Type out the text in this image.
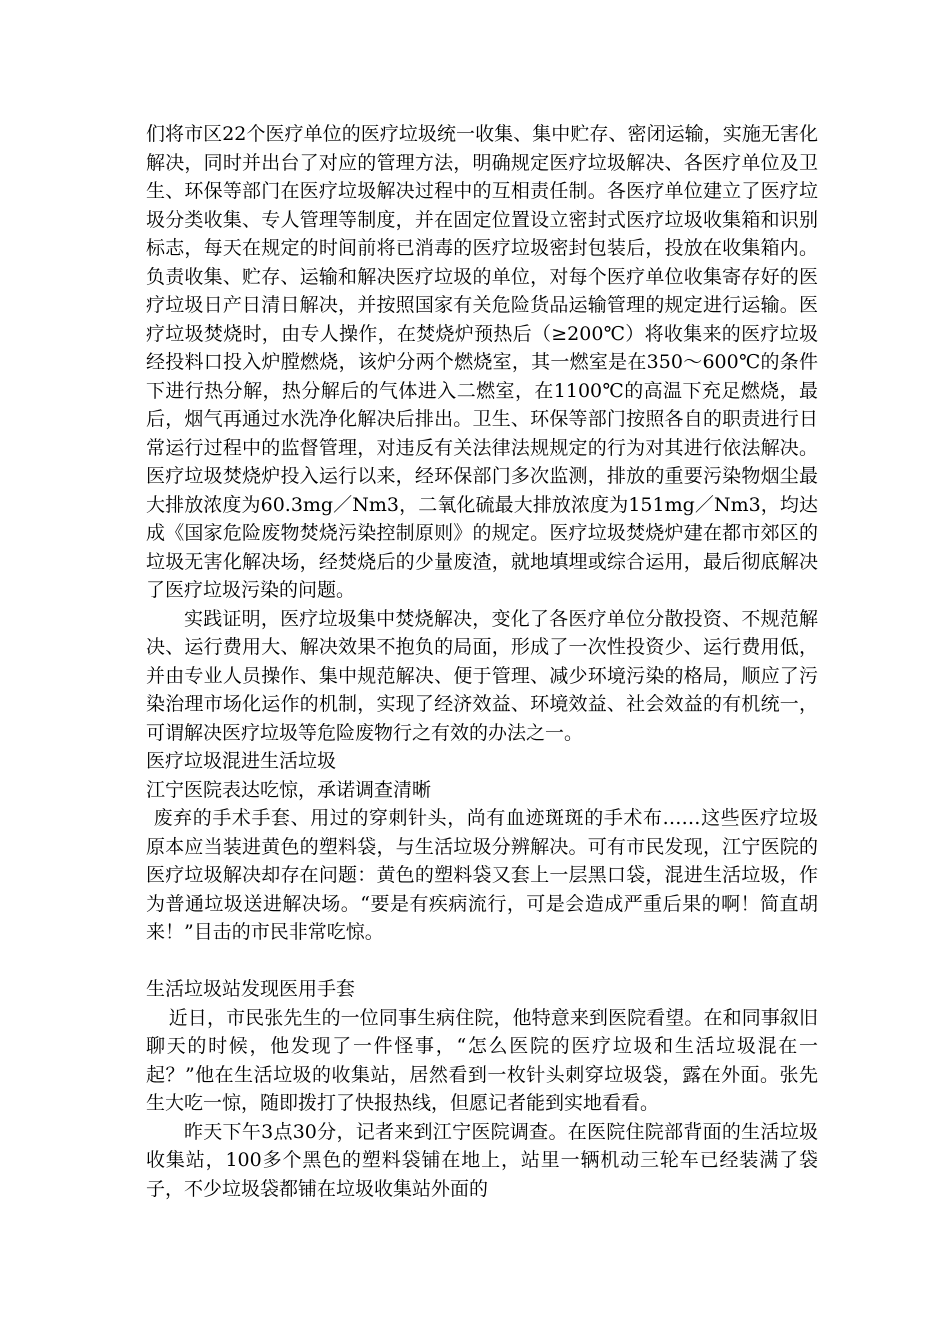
们将市区22个医疗单位的医疗垃圾统一收集、集中贮存、密闭运输，实施无害化解决，同时并出台了对应的管理方法，明确规定医疗垃圾解决、各医疗单位及卫生、环保等部门在医疗垃圾解决过程中的互相责任制。各医疗单位建立了医疗垃圾分类收集、专人管理等制度，并在固定位置设立密封式医疗垃圾收集箱和识别标志，每天在规定的时间前将已消毒的医疗垃圾密封包装后，投放在收集箱内。负责收集、贮存、运输和解决医疗垃圾的单位，对每个医疗单位收集寄存好的医疗垃圾日产日清日解决，并按照国家有关危险货品运输管理的规定进行运输。医疗垃圾焚烧时，由专人操作，在焚烧炉预热后（≥200℃）将收集来的医疗垃圾经投料口投入炉膛燃烧，该炉分两个燃烧室，其一燃室是在350～600℃的条件下进行热分解，热分解后的气体进入二燃室，在1100℃的高温下充足燃烧，最后，烟气再通过水洗净化解决后排出。卫生、环保等部门按照各自的职责进行日常运行过程中的监督管理，对违反有关法律法规规定的行为对其进行依法解决。医疗垃圾焚烧炉投入运行以来，经环保部门多次监测，排放的重要污染物烟尘最大排放浓度为60.3mg／Nm3，二氧化硫最大排放浓度为151mg／Nm3，均达成《国家危险废物焚烧污染控制原则》的规定。医疗垃圾焚烧炉建在都市郊区的垃圾无害化解决场，经焚烧后的少量废渣，就地填埋或综合运用，最后彻底解决了医疗垃圾污染的问题。

实践证明，医疗垃圾集中焚烧解决，变化了各医疗单位分散投资、不规范解决、运行费用大、解决效果不抱负的局面，形成了一次性投资少、运行费用低，并由专业人员操作、集中规范解决、便于管理、减少环境污染的格局，顺应了污染治理市场化运作的机制，实现了经济效益、环境效益、社会效益的有机统一，可谓解决医疗垃圾等危险废物行之有效的办法之一。

医疗垃圾混进生活垃圾

江宁医院表达吃惊，承诺调查清晰

废弃的手术手套、用过的穿刺针头，尚有血迹斑斑的手术布……这些医疗垃圾原本应当装进黄色的塑料袋，与生活垃圾分辨解决。可有市民发现，江宁医院的医疗垃圾解决却存在问题：黄色的塑料袋又套上一层黑口袋，混进生活垃圾，作为普通垃圾送进解决场。“要是有疾病流行，可是会造成严重后果的啊！简直胡来！”目击的市民非常吃惊。

生活垃圾站发现医用手套

近日，市民张先生的一位同事生病住院，他特意来到医院看望。在和同事叙旧聊天的时候，他发现了一件怪事，“怎么医院的医疗垃圾和生活垃圾混在一起？”他在生活垃圾的收集站，居然看到一枚针头刺穿垃圾袋，露在外面。张先生大吃一惊，随即拨打了快报热线，但愿记者能到实地看看。

昨天下午3点30分，记者来到江宁医院调查。在医院住院部背面的生活垃圾收集站，100多个黑色的塑料袋铺在地上，站里一辆机动三轮车已经装满了袋子，不少垃圾袋都铺在垃圾收集站外面的
